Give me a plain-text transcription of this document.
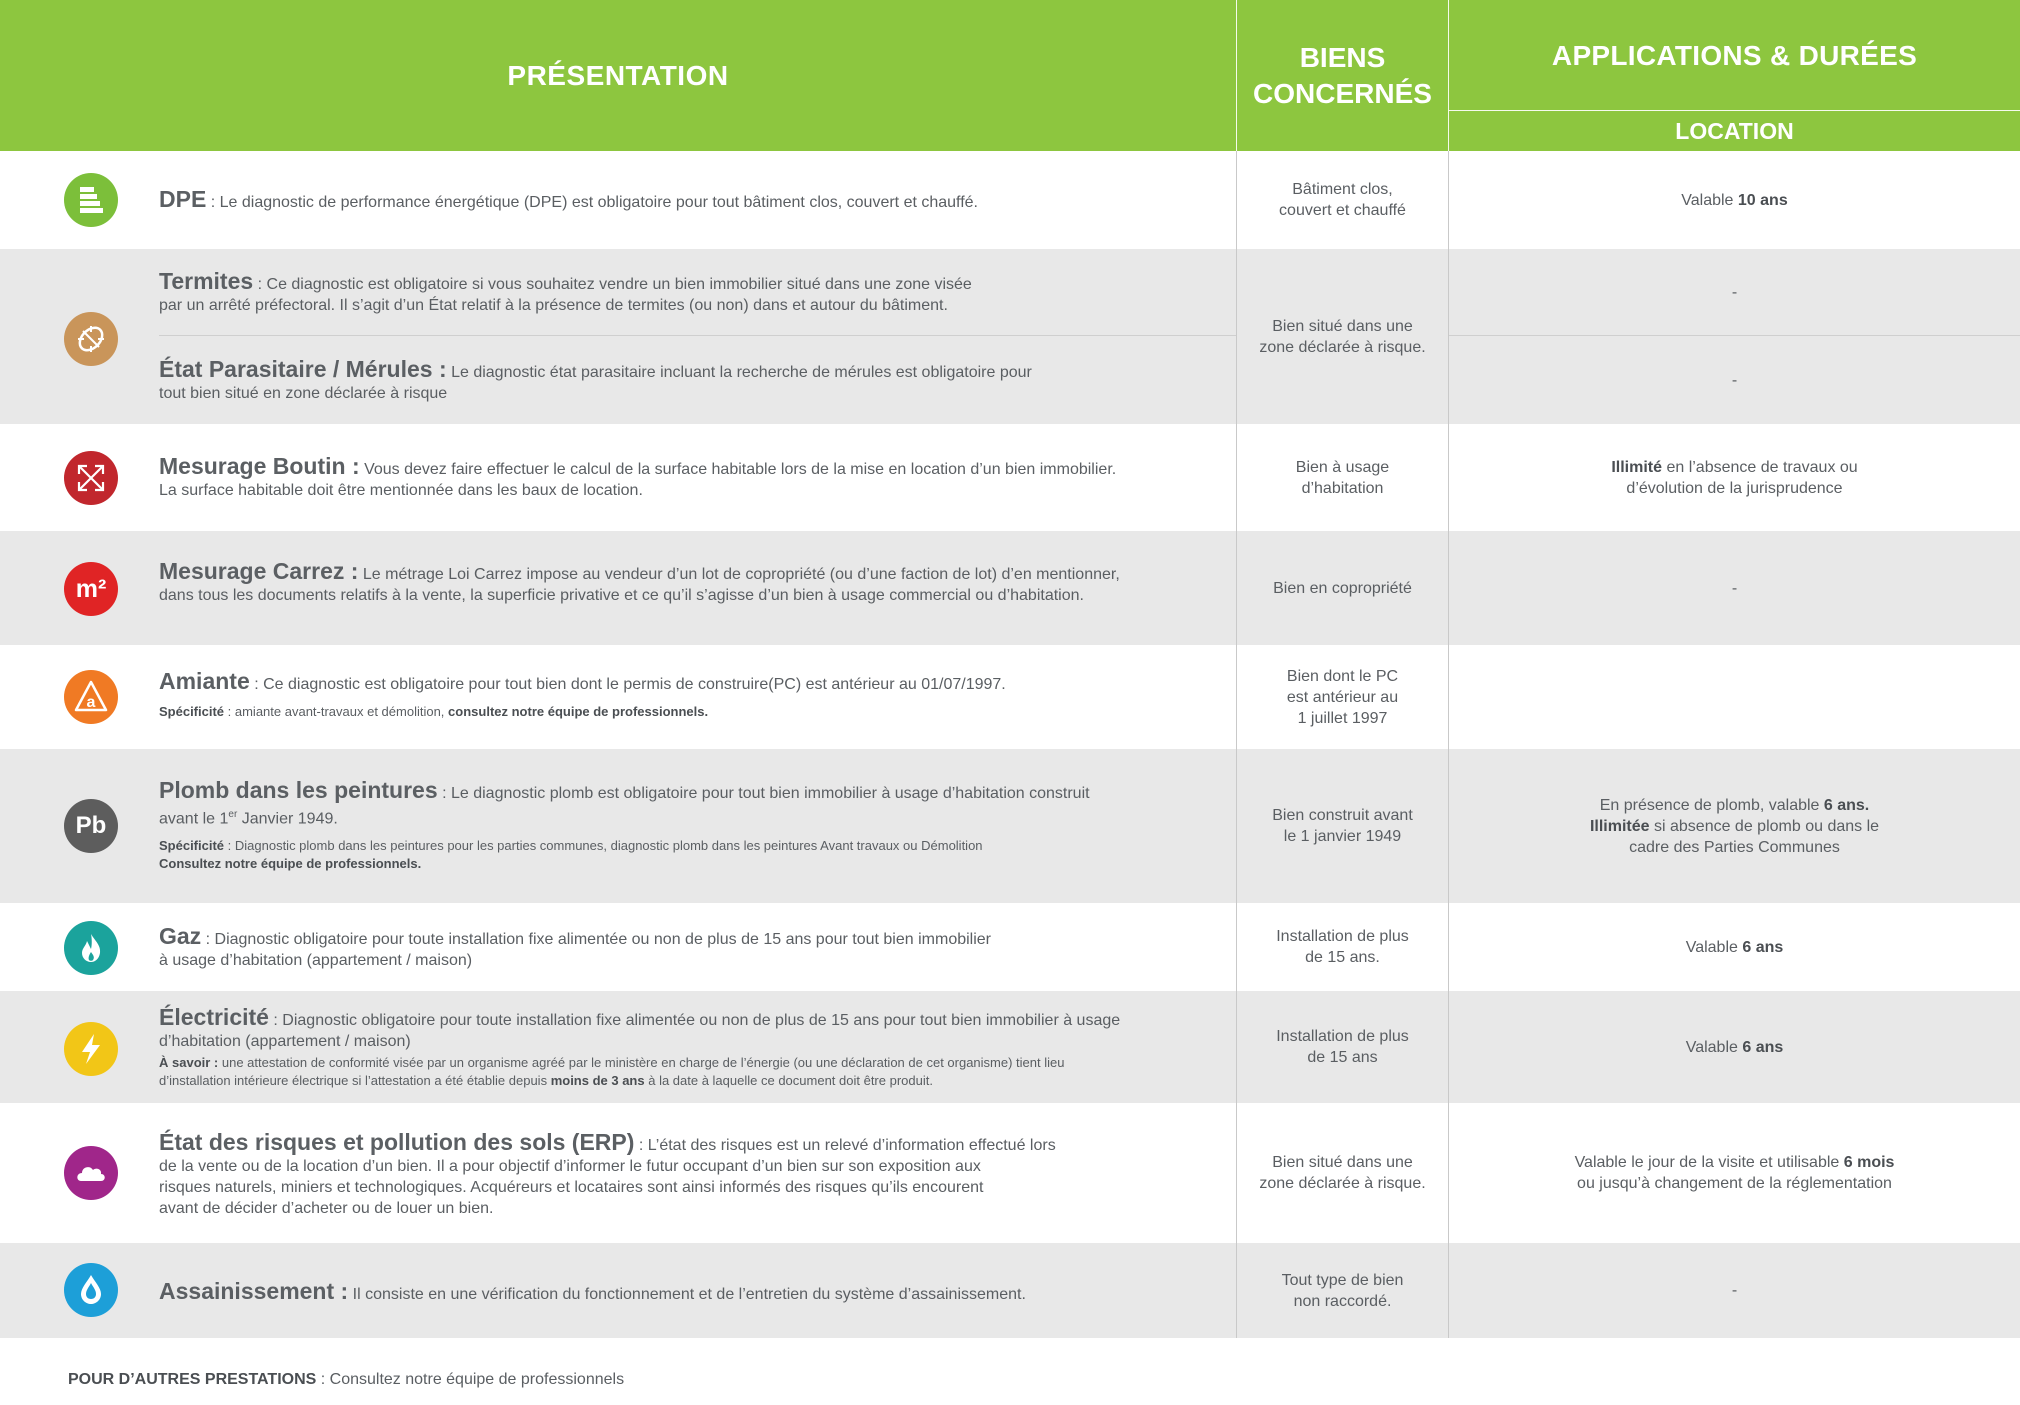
PRÉSENTATION
BIENS
CONCERNÉS
APPLICATIONS & DURÉES
LOCATION
DPE : Le diagnostic de performance énergétique (DPE) est obligatoire pour tout bâtiment clos, couvert et chauffé.
Bâtiment clos,
couvert et chauffé
Valable
10 ans
Termites : Ce diagnostic est obligatoire si vous souhaitez vendre un bien immobilier situé dans une zone visée
par un arrêté préfectoral. Il s’agit d’un État relatif à la présence de termites (ou non) dans et autour du bâtiment.
État Parasitaire / Mérules : Le diagnostic état parasitaire incluant la recherche de mérules est obligatoire pour
tout bien situé en zone déclarée à risque
Bien situé dans une
zone déclarée à risque.
-
-
Mesurage Boutin : Vous devez faire effectuer le calcul de la surface habitable lors de la mise en location d’un bien immobilier.
La surface habitable doit être mentionnée dans les baux de location.
Bien à usage
d’habitation
Illimité en l’absence de travaux ou
d’évolution de la jurisprudence
m²
Mesurage Carrez : Le métrage Loi Carrez impose au vendeur d’un lot de copropriété (ou d’une faction de lot) d’en mentionner,
dans tous les documents relatifs à la vente, la superficie privative et ce qu’il s’agisse d’un bien à usage commercial ou d’habitation.	Bien en copropriété	-
a
Amiante : Ce diagnostic est obligatoire pour tout bien dont le permis de construire(PC) est antérieur au 01/07/1997.
Spécificité : amiante avant-travaux et démolition, consultez notre équipe de professionnels.
Bien dont le PC
est antérieur au
1 juillet 1997
Pb
Plomb dans les peintures : Le diagnostic plomb est obligatoire pour tout bien immobilier à usage d’habitation construit
avant le 1er Janvier 1949.
Spécificité : Diagnostic plomb dans les peintures pour les parties communes, diagnostic plomb dans les peintures Avant travaux ou Démolition
Consultez notre équipe de professionnels.
Bien construit avant
le 1 janvier 1949
En présence de plomb, valable 6 ans.
Illimitée si absence de plomb ou dans le
cadre des Parties Communes
Gaz : Diagnostic obligatoire pour toute installation fixe alimentée ou non de plus de 15 ans pour tout bien immobilier
à usage d’habitation (appartement / maison)
Installation de plus
de 15 ans.
Valable
6 ans
Électricité : Diagnostic obligatoire pour toute installation fixe alimentée ou non de plus de 15 ans pour tout bien immobilier à usage
d’habitation (appartement / maison)
À savoir : une attestation de conformité visée par un organisme agréé par le ministère en charge de l’énergie (ou une déclaration de cet organisme) tient lieu
d’installation intérieure électrique si l’attestation a été établie depuis moins de 3 ans à la date à laquelle ce document doit être produit.
Installation de plus
de 15 ans
Valable
6 ans
État des risques et pollution des sols (ERP) : L’état des risques est un relevé d’information effectué lors
de la vente ou de la location d’un bien. Il a pour objectif d’informer le futur occupant d’un bien sur son exposition aux
risques naturels, miniers et technologiques. Acquéreurs et locataires sont ainsi informés des risques qu’ils encourent
avant de décider d’acheter ou de louer un bien.
Bien situé dans une
zone déclarée à risque.
Valable le jour de la visite et utilisable 6 mois
ou jusqu’à changement de la réglementation
Assainissement : Il consiste en une vérification du fonctionnement et de l’entretien du système d’assainissement.
Tout type de bien
non raccordé.
-
POUR D’AUTRES PRESTATIONS : Consultez notre équipe de professionnels
